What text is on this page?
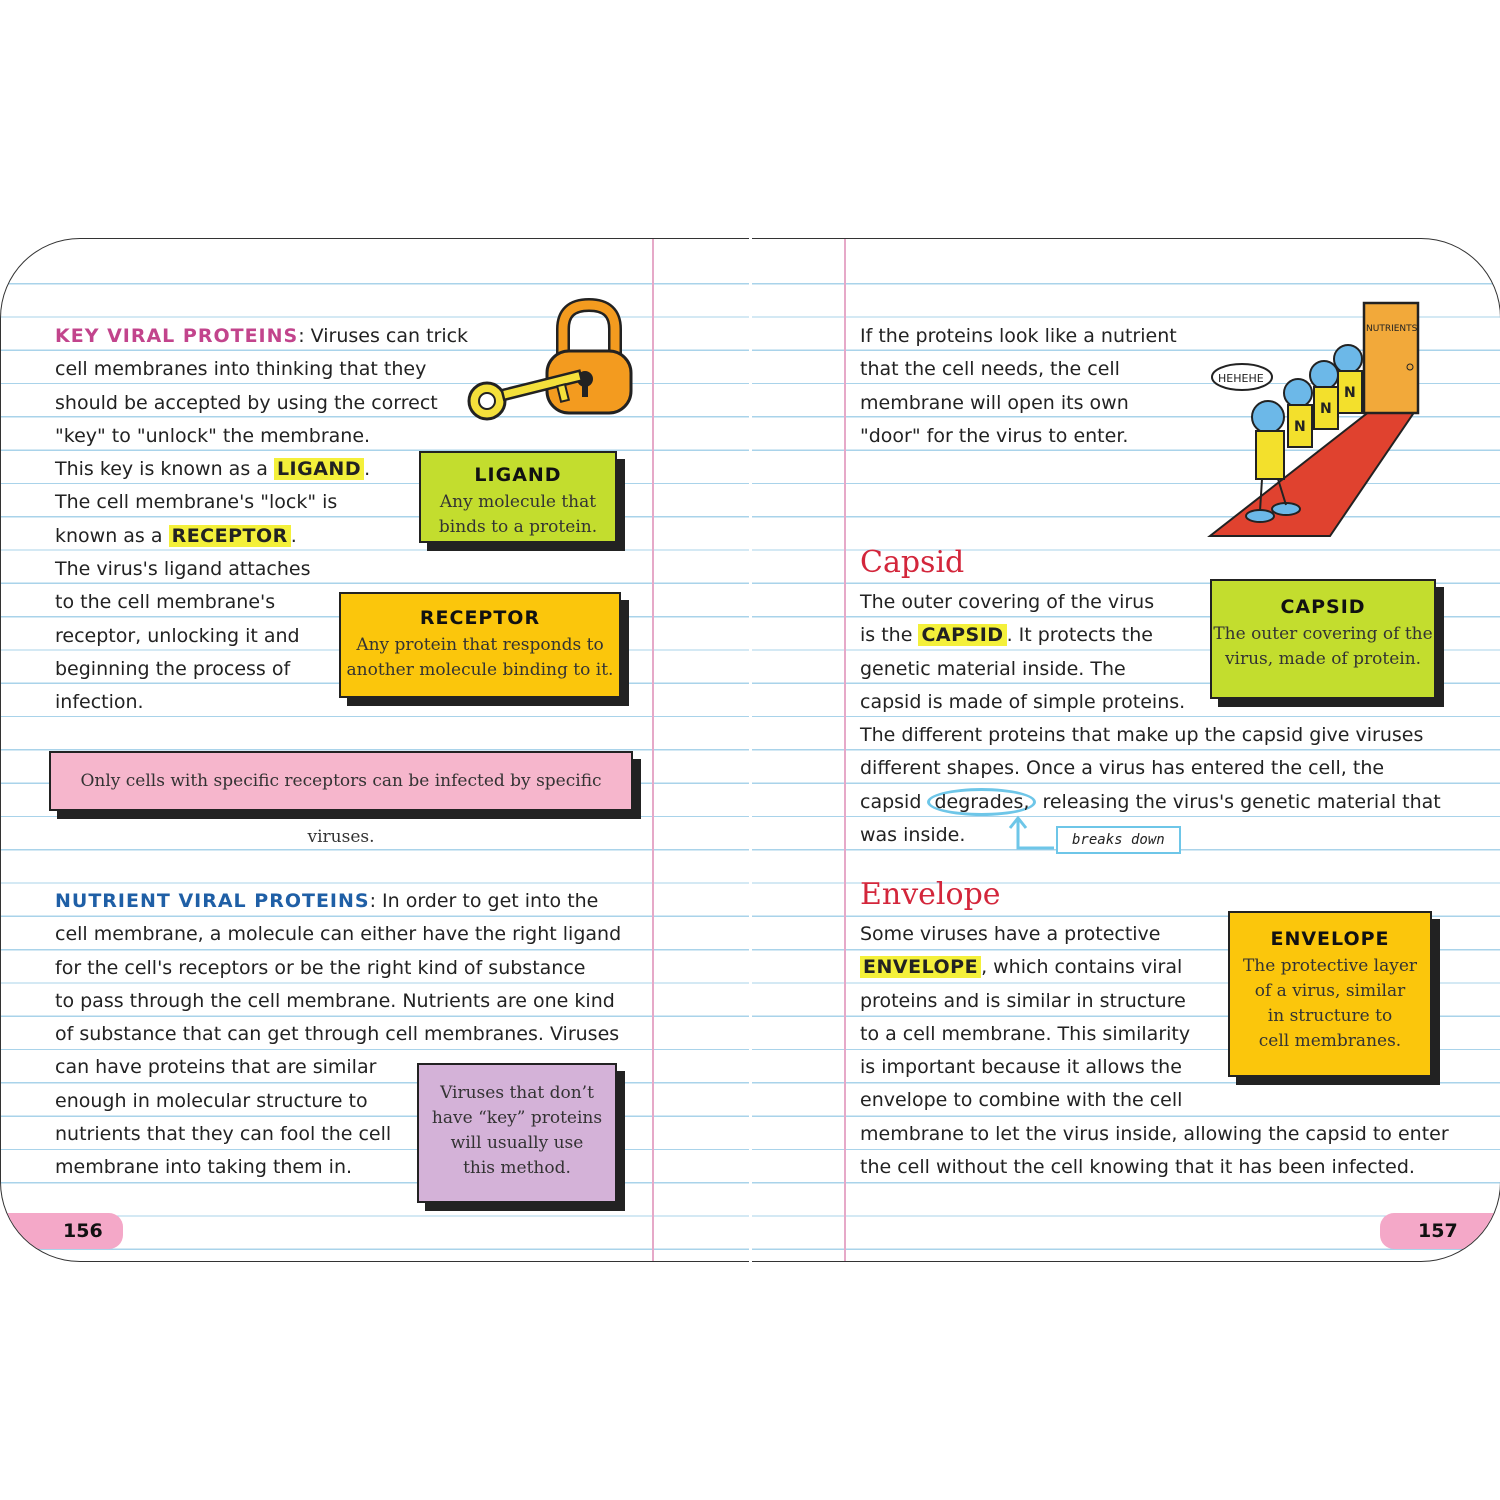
KEY VIRAL PROTEINS: Viruses can trick
cell membranes into thinking that they
should be accepted by using the correct
"key" to "unlock" the membrane.
This key is known as a LIGAND .
The cell membrane's "lock" is
known as a RECEPTOR .
The virus's ligand attaches
to the cell membrane's
receptor, unlocking it and
beginning the process of
infection.
LIGAND
Any molecule that
binds to a protein.
RECEPTOR
Any protein that responds to
another molecule binding to it.
Only cells with specific receptors can be infected by specific viruses.
NUTRIENT VIRAL PROTEINS: In order to get into the
cell membrane, a molecule can either have the right ligand
for the cell's receptors or be the right kind of substance
to pass through the cell membrane. Nutrients are one kind
of substance that can get through cell membranes. Viruses
can have proteins that are similar
enough in molecular structure to
nutrients that they can fool the cell
membrane into taking them in.
Viruses that don’t
have “key” proteins
will usually use
this method.
156
If the proteins look like a nutrient
that the cell needs, the cell
membrane will open its own
"door" for the virus to enter.
NUTRIENTS
HEHEHE
N
N
N
Capsid
The outer covering of the virus
is the CAPSID . It protects the
genetic material inside. The
capsid is made of simple proteins.
The different proteins that make up the capsid give viruses
different shapes. Once a virus has entered the cell, the
capsid degrades, releasing the virus's genetic material that
was inside.	breaks down
CAPSID
The outer covering of the
virus, made of protein.
Envelope
Some viruses have a protective
ENVELOPE , which contains viral
proteins and is similar in structure
to a cell membrane. This similarity
is important because it allows the
envelope to combine with the cell
membrane to let the virus inside, allowing the capsid to enter
the cell without the cell knowing that it has been infected.
ENVELOPE
The protective layer
of a virus, similar
in structure to
cell membranes.
157
